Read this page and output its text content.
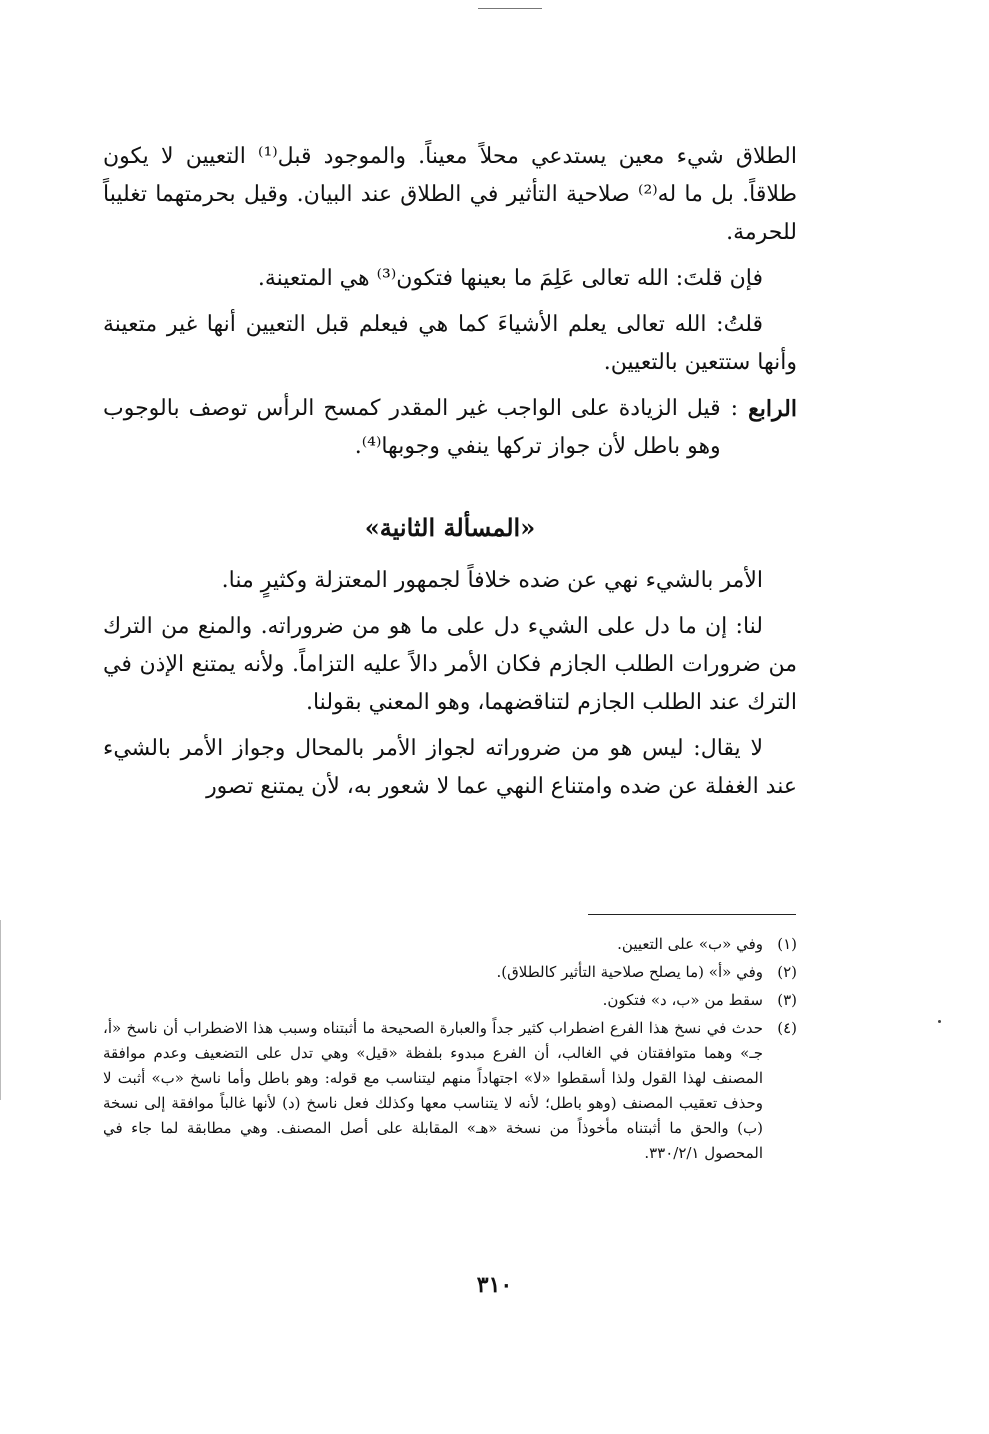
الطلاق شيء معين يستدعي محلاً معيناً. والموجود قبل⁽¹⁾ التعيين لا يكون طلاقاً. بل ما له⁽²⁾ صلاحية التأثير في الطلاق عند البيان. وقيل بحرمتهما تغليباً للحرمة.

فإن قلتَ: الله تعالى عَلِمَ ما بعينها فتكون⁽³⁾ هي المتعينة.

قلتُ: الله تعالى يعلم الأشياءَ كما هي فيعلم قبل التعيين أنها غير متعينة وأنها ستتعين بالتعيين.

الرابع
:
قيل الزيادة على الواجب غير المقدر كمسح الرأس توصف بالوجوب وهو باطل لأن جواز تركها ينفي وجوبها⁽⁴⁾.
«المسألة الثانية»

الأمر بالشيء نهي عن ضده خلافاً لجمهور المعتزلة وكثيرٍ منا.

لنا: إن ما دل على الشيء دل على ما هو من ضروراته. والمنع من الترك من ضرورات الطلب الجازم فكان الأمر دالاً عليه التزاماً. ولأنه يمتنع الإذن في الترك عند الطلب الجازم لتناقضهما، وهو المعني بقولنا.

لا يقال: ليس هو من ضروراته لجواز الأمر بالمحال وجواز الأمر بالشيء عند الغفلة عن ضده وامتناع النهي عما لا شعور به، لأن يمتنع تصور

(١)
وفي «ب» على التعيين.
(٢)
وفي «أ» (ما يصلح صلاحية التأثير كالطلاق).
(٣)
سقط من «ب، د» فتكون.
(٤)
حدث في نسخ هذا الفرع اضطراب كثير جداً والعبارة الصحيحة ما أثبتناه وسبب هذا الاضطراب أن ناسخ «أ، جـ» وهما متوافقتان في الغالب، أن الفرع مبدوء بلفظة «قيل» وهي تدل على التضعيف وعدم موافقة المصنف لهذا القول ولذا أسقطوا «لا» اجتهاداً منهم ليتناسب مع قوله: وهو باطل وأما ناسخ «ب» أثبت لا وحذف تعقيب المصنف (وهو باطل؛ لأنه لا يتناسب معها وكذلك فعل ناسخ (د) لأنها غالباً موافقة إلى نسخة (ب) والحق ما أثبتناه مأخوذاً من نسخة «هـ» المقابلة على أصل المصنف. وهي مطابقة لما جاء في المحصول ٣٣٠/٢/١.
٣١٠
